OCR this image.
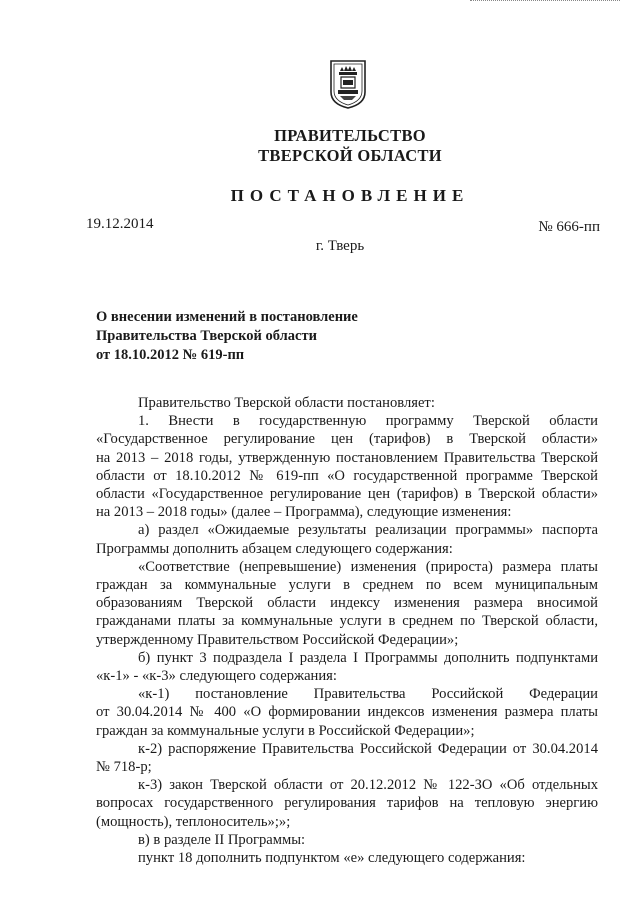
ПРАВИТЕЛЬСТВО
ТВЕРСКОЙ ОБЛАСТИ
ПОСТАНОВЛЕНИЕ
19.12.2014	№ 666-пп
г. Тверь
О внесении изменений в постановление
Правительства Тверской области
от 18.10.2012 № 619-пп
Правительство Тверской области постановляет:
1. Внести в государственную программу Тверской области
«Государственное регулирование цен (тарифов) в Тверской области»
на 2013 – 2018 годы, утвержденную постановлением Правительства Тверской
области от 18.10.2012 № 619-пп «О государственной программе Тверской
области «Государственное регулирование цен (тарифов) в Тверской области»
на 2013 – 2018 годы» (далее – Программа), следующие изменения:
а) раздел «Ожидаемые результаты реализации программы» паспорта
Программы дополнить абзацем следующего содержания:
«Соответствие (непревышение) изменения (прироста) размера платы
граждан за коммунальные услуги в среднем по всем муниципальным
образованиям Тверской области индексу изменения размера вносимой
гражданами платы за коммунальные услуги в среднем по Тверской области,
утвержденному Правительством Российской Федерации»;
б) пункт 3 подраздела I раздела I Программы дополнить подпунктами
«к-1» - «к-3» следующего содержания:
«к-1) постановление Правительства Российской Федерации
от 30.04.2014 № 400 «О формировании индексов изменения размера платы
граждан за коммунальные услуги в Российской Федерации»;
к-2) распоряжение Правительства Российской Федерации от 30.04.2014
№ 718-р;
к-3) закон Тверской области от 20.12.2012 № 122-ЗО «Об отдельных
вопросах государственного регулирования тарифов на тепловую энергию
(мощность), теплоноситель»;»;
в) в разделе II Программы:
пункт 18 дополнить подпунктом «е» следующего содержания:
